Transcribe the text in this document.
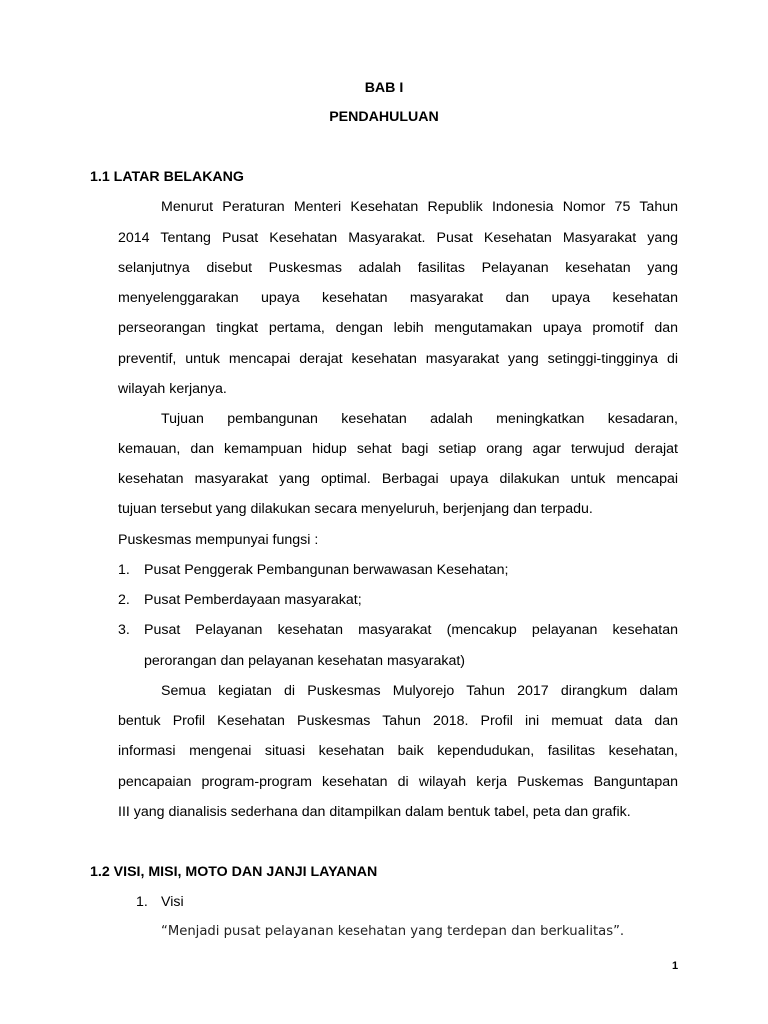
BAB I
PENDAHULUAN
1.1 LATAR BELAKANG
Menurut Peraturan Menteri Kesehatan Republik Indonesia Nomor 75 Tahun
2014 Tentang Pusat Kesehatan Masyarakat. Pusat Kesehatan Masyarakat yang
selanjutnya disebut Puskesmas adalah fasilitas Pelayanan kesehatan yang
menyelenggarakan upaya kesehatan masyarakat dan upaya kesehatan
perseorangan tingkat pertama, dengan lebih mengutamakan upaya promotif dan
preventif, untuk mencapai derajat kesehatan masyarakat yang setinggi-tingginya di
wilayah kerjanya.
Tujuan pembangunan kesehatan adalah meningkatkan kesadaran,
kemauan, dan kemampuan hidup sehat bagi setiap orang agar terwujud derajat
kesehatan masyarakat yang optimal. Berbagai upaya dilakukan untuk mencapai
tujuan tersebut yang dilakukan secara menyeluruh, berjenjang dan terpadu.
Puskesmas mempunyai fungsi :
1. Pusat Penggerak Pembangunan berwawasan Kesehatan;
2. Pusat Pemberdayaan masyarakat;
3. Pusat Pelayanan kesehatan masyarakat (mencakup pelayanan kesehatan
perorangan dan pelayanan kesehatan masyarakat)
Semua kegiatan di Puskesmas Mulyorejo Tahun 2017 dirangkum dalam
bentuk Profil Kesehatan Puskesmas Tahun 2018. Profil ini memuat data dan
informasi mengenai situasi kesehatan baik kependudukan, fasilitas kesehatan,
pencapaian program-program kesehatan di wilayah kerja Puskemas Banguntapan
III yang dianalisis sederhana dan ditampilkan dalam bentuk tabel, peta dan grafik.
1.2 VISI, MISI, MOTO DAN JANJI LAYANAN
1. Visi
“Menjadi pusat pelayanan kesehatan yang terdepan dan berkualitas”.
1
